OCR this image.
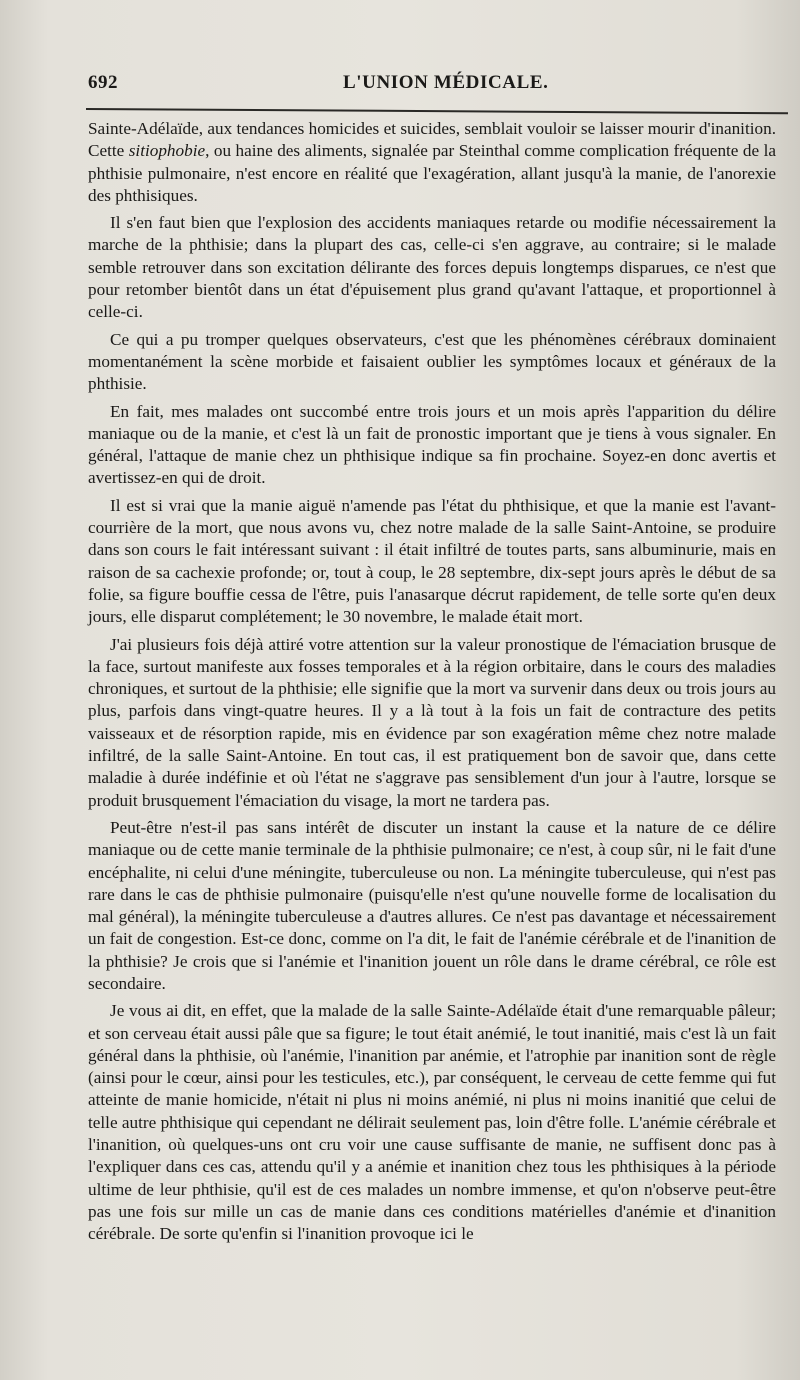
692	L'UNION MÉDICALE.

Sainte-Adélaïde, aux tendances homicides et suicides, semblait vouloir se laisser mourir d'inanition. Cette sitiophobie, ou haine des aliments, signalée par Steinthal comme complication fréquente de la phthisie pulmonaire, n'est encore en réalité que l'exagération, allant jusqu'à la manie, de l'anorexie des phthisiques.

Il s'en faut bien que l'explosion des accidents maniaques retarde ou modifie nécessairement la marche de la phthisie; dans la plupart des cas, celle-ci s'en aggrave, au contraire; si le malade semble retrouver dans son excitation délirante des forces depuis longtemps disparues, ce n'est que pour retomber bientôt dans un état d'épuisement plus grand qu'avant l'attaque, et proportionnel à celle-ci.

Ce qui a pu tromper quelques observateurs, c'est que les phénomènes cérébraux dominaient momentanément la scène morbide et faisaient oublier les symptômes locaux et généraux de la phthisie.

En fait, mes malades ont succombé entre trois jours et un mois après l'apparition du délire maniaque ou de la manie, et c'est là un fait de pronostic important que je tiens à vous signaler. En général, l'attaque de manie chez un phthisique indique sa fin prochaine. Soyez-en donc avertis et avertissez-en qui de droit.

Il est si vrai que la manie aiguë n'amende pas l'état du phthisique, et que la manie est l'avant-courrière de la mort, que nous avons vu, chez notre malade de la salle Saint-Antoine, se produire dans son cours le fait intéressant suivant : il était infiltré de toutes parts, sans albuminurie, mais en raison de sa cachexie profonde; or, tout à coup, le 28 septembre, dix-sept jours après le début de sa folie, sa figure bouffie cessa de l'être, puis l'anasarque décrut rapidement, de telle sorte qu'en deux jours, elle disparut complétement; le 30 novembre, le malade était mort.

J'ai plusieurs fois déjà attiré votre attention sur la valeur pronostique de l'émaciation brusque de la face, surtout manifeste aux fosses temporales et à la région orbitaire, dans le cours des maladies chroniques, et surtout de la phthisie; elle signifie que la mort va survenir dans deux ou trois jours au plus, parfois dans vingt-quatre heures. Il y a là tout à la fois un fait de contracture des petits vaisseaux et de résorption rapide, mis en évidence par son exagération même chez notre malade infiltré, de la salle Saint-Antoine. En tout cas, il est pratiquement bon de savoir que, dans cette maladie à durée indéfinie et où l'état ne s'aggrave pas sensiblement d'un jour à l'autre, lorsque se produit brusquement l'émaciation du visage, la mort ne tardera pas.

Peut-être n'est-il pas sans intérêt de discuter un instant la cause et la nature de ce délire maniaque ou de cette manie terminale de la phthisie pulmonaire; ce n'est, à coup sûr, ni le fait d'une encéphalite, ni celui d'une méningite, tuberculeuse ou non. La méningite tuberculeuse, qui n'est pas rare dans le cas de phthisie pulmonaire (puisqu'elle n'est qu'une nouvelle forme de localisation du mal général), la méningite tuberculeuse a d'autres allures. Ce n'est pas davantage et nécessairement un fait de congestion. Est-ce donc, comme on l'a dit, le fait de l'anémie cérébrale et de l'inanition de la phthisie? Je crois que si l'anémie et l'inanition jouent un rôle dans le drame cérébral, ce rôle est secondaire.

Je vous ai dit, en effet, que la malade de la salle Sainte-Adélaïde était d'une remarquable pâleur; et son cerveau était aussi pâle que sa figure; le tout était anémié, le tout inanitié, mais c'est là un fait général dans la phthisie, où l'anémie, l'inanition par anémie, et l'atrophie par inanition sont de règle (ainsi pour le cœur, ainsi pour les testicules, etc.), par conséquent, le cerveau de cette femme qui fut atteinte de manie homicide, n'était ni plus ni moins anémié, ni plus ni moins inanitié que celui de telle autre phthisique qui cependant ne délirait seulement pas, loin d'être folle. L'anémie cérébrale et l'inanition, où quelques-uns ont cru voir une cause suffisante de manie, ne suffisent donc pas à l'expliquer dans ces cas, attendu qu'il y a anémie et inanition chez tous les phthisiques à la période ultime de leur phthisie, qu'il est de ces malades un nombre immense, et qu'on n'observe peut-être pas une fois sur mille un cas de manie dans ces conditions matérielles d'anémie et d'inanition cérébrale. De sorte qu'enfin si l'inanition provoque ici le
